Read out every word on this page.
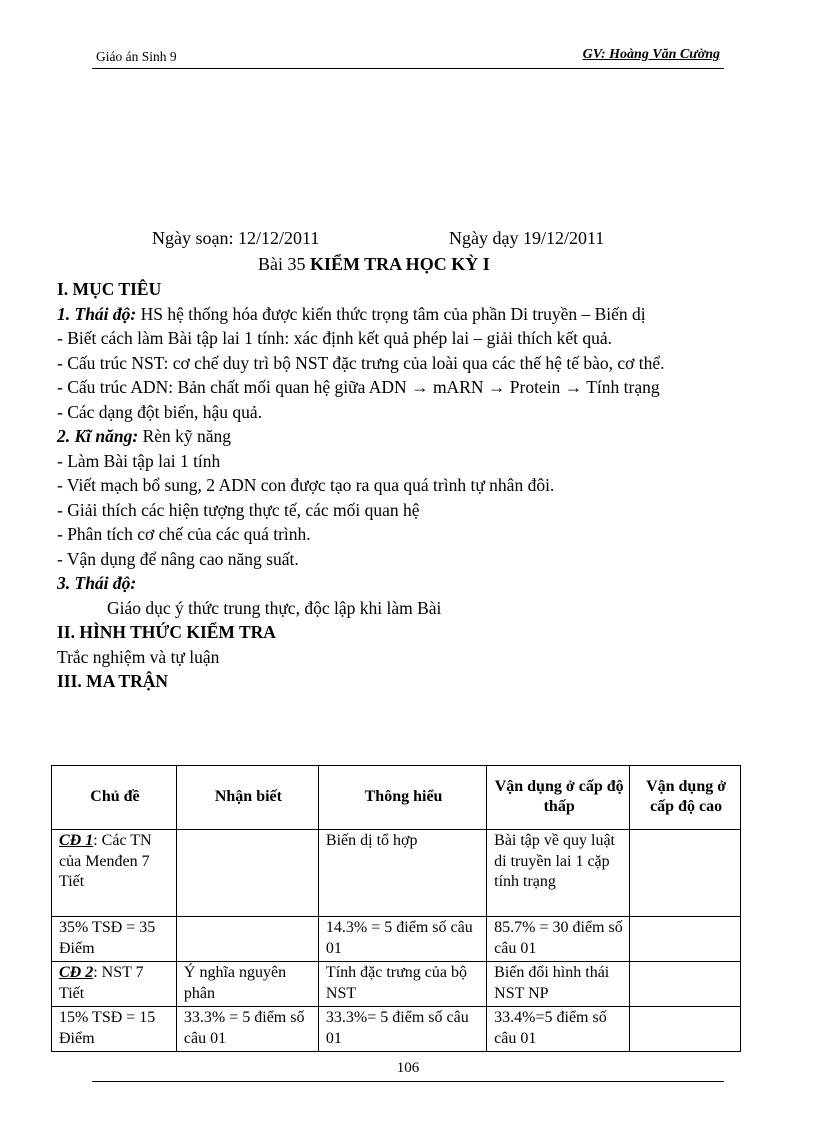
Giáo án Sinh 9	GV: Hoàng Văn Cường
Ngày soạn: 12/12/2011	Ngày dạy 19/12/2011
Bài 35 KIỂM TRA HỌC KỲ I

I. MỤC TIÊU

1. Thái độ: HS hệ thống hóa được kiến thức trọng tâm của phần Di truyền – Biến dị

- Biết cách làm Bài tập lai 1 tính: xác định kết quả phép lai – giải thích kết quả.

- Cấu trúc NST: cơ chế duy trì bộ NST đặc trưng của loài qua các thế hệ tế bào, cơ thể.

- Cấu trúc ADN: Bản chất mối quan hệ giữa ADN → mARN → Protein → Tính trạng

- Các dạng đột biến, hậu quả.

2. Kĩ năng: Rèn kỹ năng

- Làm Bài tập lai 1 tính

- Viết mạch bổ sung, 2 ADN con được tạo ra qua quá trình tự nhân đôi.

- Giải thích các hiện tượng thực tế, các mối quan hệ

- Phân tích cơ chế của các quá trình.

- Vận dụng để nâng cao năng suất.

3. Thái độ:

Giáo dục ý thức trung thực, độc lập khi làm Bài

II. HÌNH THỨC KIỂM TRA

Trắc nghiệm và tự luận

III. MA TRẬN

Chủ đề	Nhận biết	Thông hiểu	Vận dụng ở cấp độ thấp	Vận dụng ở cấp độ cao
CĐ 1: Các TN của Menđen 7 Tiết		Biến dị tổ hợp	Bài tập về quy luật di truyền lai 1 cặp tính trạng	
35% TSĐ = 35 Điểm		14.3% = 5 điểm số câu 01	85.7% = 30 điểm số câu 01	
CĐ 2: NST 7 Tiết	Ý nghĩa nguyên phân	Tính đặc trưng của bộ NST	Biến đổi hình thái NST NP	
15% TSĐ = 15 Điểm	33.3% = 5 điểm số câu 01	33.3%= 5 điểm số câu 01	33.4%=5 điểm số câu 01	
106
